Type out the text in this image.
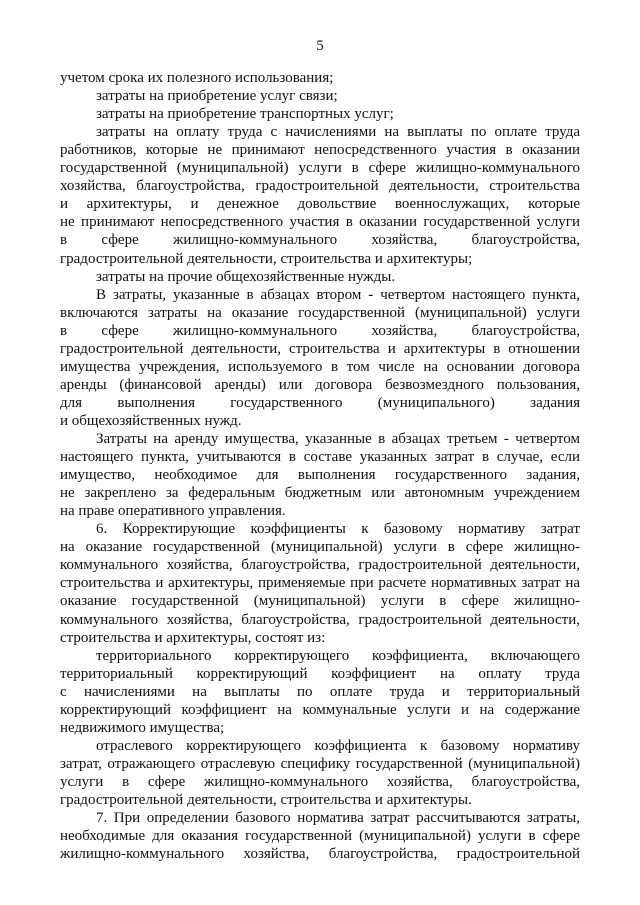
5
учетом срока их полезного использования;
затраты на приобретение услуг связи;
затраты на приобретение транспортных услуг;
затраты на оплату труда с начислениями на выплаты по оплате труда
работников, которые не принимают непосредственного участия в оказании
государственной (муниципальной) услуги в сфере жилищно-коммунального
хозяйства, благоустройства, градостроительной деятельности, строительства
и архитектуры, и денежное довольствие военнослужащих, которые
не принимают непосредственного участия в оказании государственной услуги
в сфере жилищно-коммунального хозяйства, благоустройства,
градостроительной деятельности, строительства и архитектуры;
затраты на прочие общехозяйственные нужды.
В затраты, указанные в абзацах втором - четвертом настоящего пункта,
включаются затраты на оказание государственной (муниципальной) услуги
в сфере жилищно-коммунального хозяйства, благоустройства,
градостроительной деятельности, строительства и архитектуры в отношении
имущества учреждения, используемого в том числе на основании договора
аренды (финансовой аренды) или договора безвозмездного пользования,
для выполнения государственного (муниципального) задания
и общехозяйственных нужд.
Затраты на аренду имущества, указанные в абзацах третьем - четвертом
настоящего пункта, учитываются в составе указанных затрат в случае, если
имущество, необходимое для выполнения государственного задания,
не закреплено за федеральным бюджетным или автономным учреждением
на праве оперативного управления.
6. Корректирующие коэффициенты к базовому нормативу затрат
на оказание государственной (муниципальной) услуги в сфере жилищно-
коммунального хозяйства, благоустройства, градостроительной деятельности,
строительства и архитектуры, применяемые при расчете нормативных затрат на
оказание государственной (муниципальной) услуги в сфере жилищно-
коммунального хозяйства, благоустройства, градостроительной деятельности,
строительства и архитектуры, состоят из:
территориального корректирующего коэффициента, включающего
территориальный корректирующий коэффициент на оплату труда
с начислениями на выплаты по оплате труда и территориальный
корректирующий коэффициент на коммунальные услуги и на содержание
недвижимого имущества;
отраслевого корректирующего коэффициента к базовому нормативу
затрат, отражающего отраслевую специфику государственной (муниципальной)
услуги в сфере жилищно-коммунального хозяйства, благоустройства,
градостроительной деятельности, строительства и архитектуры.
7. При определении базового норматива затрат рассчитываются затраты,
необходимые для оказания государственной (муниципальной) услуги в сфере
жилищно-коммунального хозяйства, благоустройства, градостроительной
